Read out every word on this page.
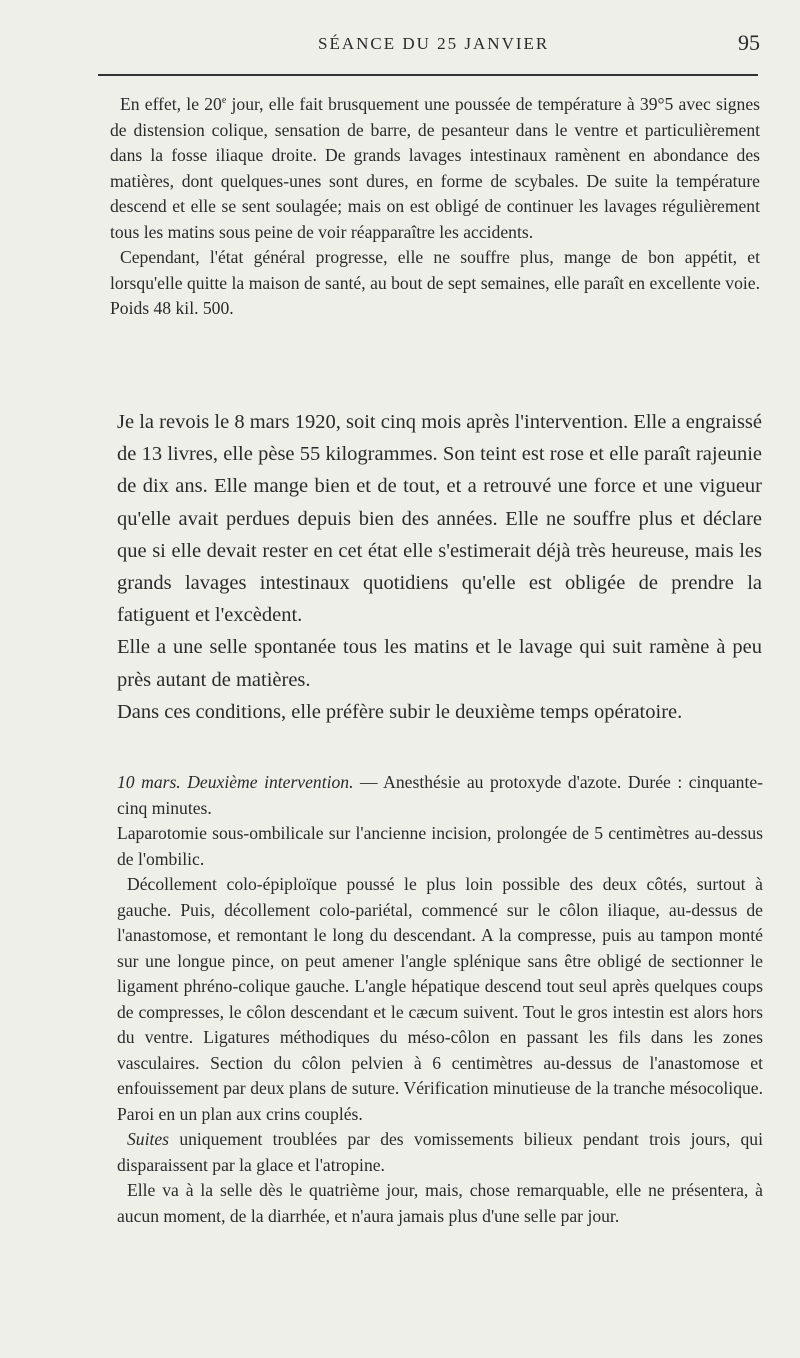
SÉANCE DU 25 JANVIER	95

En effet, le 20e jour, elle fait brusquement une poussée de température à 39°5 avec signes de distension colique, sensation de barre, de pesanteur dans le ventre et particulièrement dans la fosse iliaque droite. De grands lavages intestinaux ramènent en abondance des matières, dont quelques-unes sont dures, en forme de scybales. De suite la température descend et elle se sent soulagée; mais on est obligé de continuer les lavages régulièrement tous les matins sous peine de voir réapparaître les accidents.

Cependant, l'état général progresse, elle ne souffre plus, mange de bon appétit, et lorsqu'elle quitte la maison de santé, au bout de sept semaines, elle paraît en excellente voie. Poids 48 kil. 500.

Je la revois le 8 mars 1920, soit cinq mois après l'intervention. Elle a engraissé de 13 livres, elle pèse 55 kilogrammes. Son teint est rose et elle paraît rajeunie de dix ans. Elle mange bien et de tout, et a retrouvé une force et une vigueur qu'elle avait perdues depuis bien des années. Elle ne souffre plus et déclare que si elle devait rester en cet état elle s'estimerait déjà très heureuse, mais les grands lavages intestinaux quotidiens qu'elle est obligée de prendre la fatiguent et l'excèdent.

Elle a une selle spontanée tous les matins et le lavage qui suit ramène à peu près autant de matières.

Dans ces conditions, elle préfère subir le deuxième temps opératoire.

10 mars. Deuxième intervention. — Anesthésie au protoxyde d'azote. Durée : cinquante-cinq minutes.

Laparotomie sous-ombilicale sur l'ancienne incision, prolongée de 5 centimètres au-dessus de l'ombilic.

Décollement colo-épiploïque poussé le plus loin possible des deux côtés, surtout à gauche. Puis, décollement colo-pariétal, commencé sur le côlon iliaque, au-dessus de l'anastomose, et remontant le long du descendant. A la compresse, puis au tampon monté sur une longue pince, on peut amener l'angle splénique sans être obligé de sectionner le ligament phréno-colique gauche. L'angle hépatique descend tout seul après quelques coups de compresses, le côlon descendant et le cæcum suivent. Tout le gros intestin est alors hors du ventre. Ligatures méthodiques du méso-côlon en passant les fils dans les zones vasculaires. Section du côlon pelvien à 6 centimètres au-dessus de l'anastomose et enfouissement par deux plans de suture. Vérification minutieuse de la tranche mésocolique. Paroi en un plan aux crins couplés.

Suites uniquement troublées par des vomissements bilieux pendant trois jours, qui disparaissent par la glace et l'atropine.

Elle va à la selle dès le quatrième jour, mais, chose remarquable, elle ne présentera, à aucun moment, de la diarrhée, et n'aura jamais plus d'une selle par jour.
